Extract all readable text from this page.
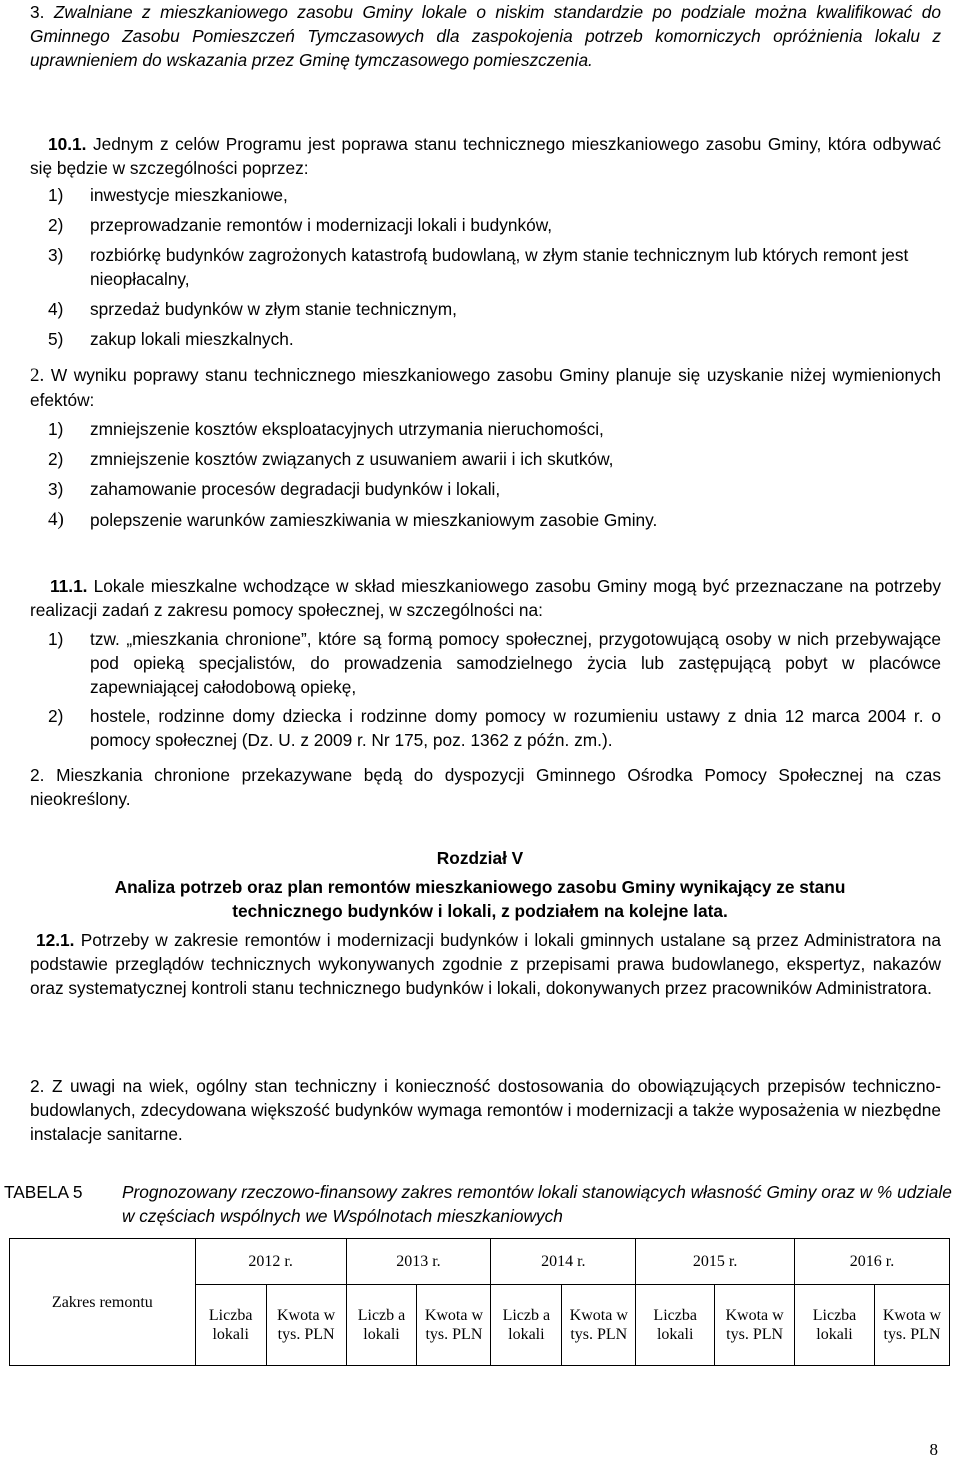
3. Zwalniane z mieszkaniowego zasobu Gminy lokale o niskim standardzie po podziale można kwalifikować do Gminnego Zasobu Pomieszczeń Tymczasowych dla zaspokojenia potrzeb komorniczych opróżnienia lokalu z uprawnieniem do wskazania przez Gminę tymczasowego pomieszczenia.
10.1. Jednym z celów Programu jest poprawa stanu technicznego mieszkaniowego zasobu Gminy, która odbywać się będzie w szczególności poprzez:
1) inwestycje mieszkaniowe,
2) przeprowadzanie remontów i modernizacji lokali i budynków,
3) rozbiórkę budynków zagrożonych katastrofą budowlaną, w złym stanie technicznym lub których remont jest nieopłacalny,
4) sprzedaż budynków w złym stanie technicznym,
5) zakup lokali mieszkalnych.
2. W wyniku poprawy stanu technicznego mieszkaniowego zasobu Gminy planuje się uzyskanie niżej wymienionych efektów:
1) zmniejszenie kosztów eksploatacyjnych utrzymania nieruchomości,
2) zmniejszenie kosztów związanych z usuwaniem awarii i ich skutków,
3) zahamowanie procesów degradacji budynków i lokali,
4) polepszenie warunków zamieszkiwania w mieszkaniowym zasobie Gminy.
11.1. Lokale mieszkalne wchodzące w skład mieszkaniowego zasobu Gminy mogą być przeznaczane na potrzeby realizacji zadań z zakresu pomocy społecznej, w szczególności na:
1) tzw. „mieszkania chronione”, które są formą pomocy społecznej, przygotowującą osoby w nich przebywające pod opieką specjalistów, do prowadzenia samodzielnego życia lub zastępującą pobyt w placówce zapewniającej całodobową opiekę,
2) hostele, rodzinne domy dziecka i rodzinne domy pomocy w rozumieniu ustawy z dnia 12 marca 2004 r. o pomocy społecznej (Dz. U. z 2009 r. Nr 175, poz. 1362 z późn. zm.).
2. Mieszkania chronione przekazywane będą do dyspozycji Gminnego Ośrodka Pomocy Społecznej na czas nieokreślony.
Rozdział V
Analiza potrzeb oraz plan remontów mieszkaniowego zasobu Gminy wynikający ze stanu
technicznego budynków i lokali, z podziałem na kolejne lata.
12.1. Potrzeby w zakresie remontów i modernizacji budynków i lokali gminnych ustalane są przez Administratora na podstawie przeglądów technicznych wykonywanych zgodnie z przepisami prawa budowlanego, ekspertyz, nakazów oraz systematycznej kontroli stanu technicznego budynków i lokali, dokonywanych przez pracowników Administratora.
2. Z uwagi na wiek, ogólny stan techniczny i konieczność dostosowania do obowiązujących przepisów techniczno-budowlanych, zdecydowana większość budynków wymaga remontów i modernizacji a także wyposażenia w niezbędne instalacje sanitarne.
TABELA 5 Prognozowany rzeczowo-finansowy zakres remontów lokali stanowiących własność Gminy oraz w % udziale w częściach wspólnych we Wspólnotach mieszkaniowych
Zakres remontu	2012 r.		2013 r.		2014 r.		2015 r.		2016 r.	
	Liczba lokali	Kwota w tys. PLN	Liczb a lokali	Kwota w tys. PLN	Liczb a lokali	Kwota w tys. PLN	Liczba lokali	Kwota w tys. PLN	Liczba lokali	Kwota w tys. PLN
8
